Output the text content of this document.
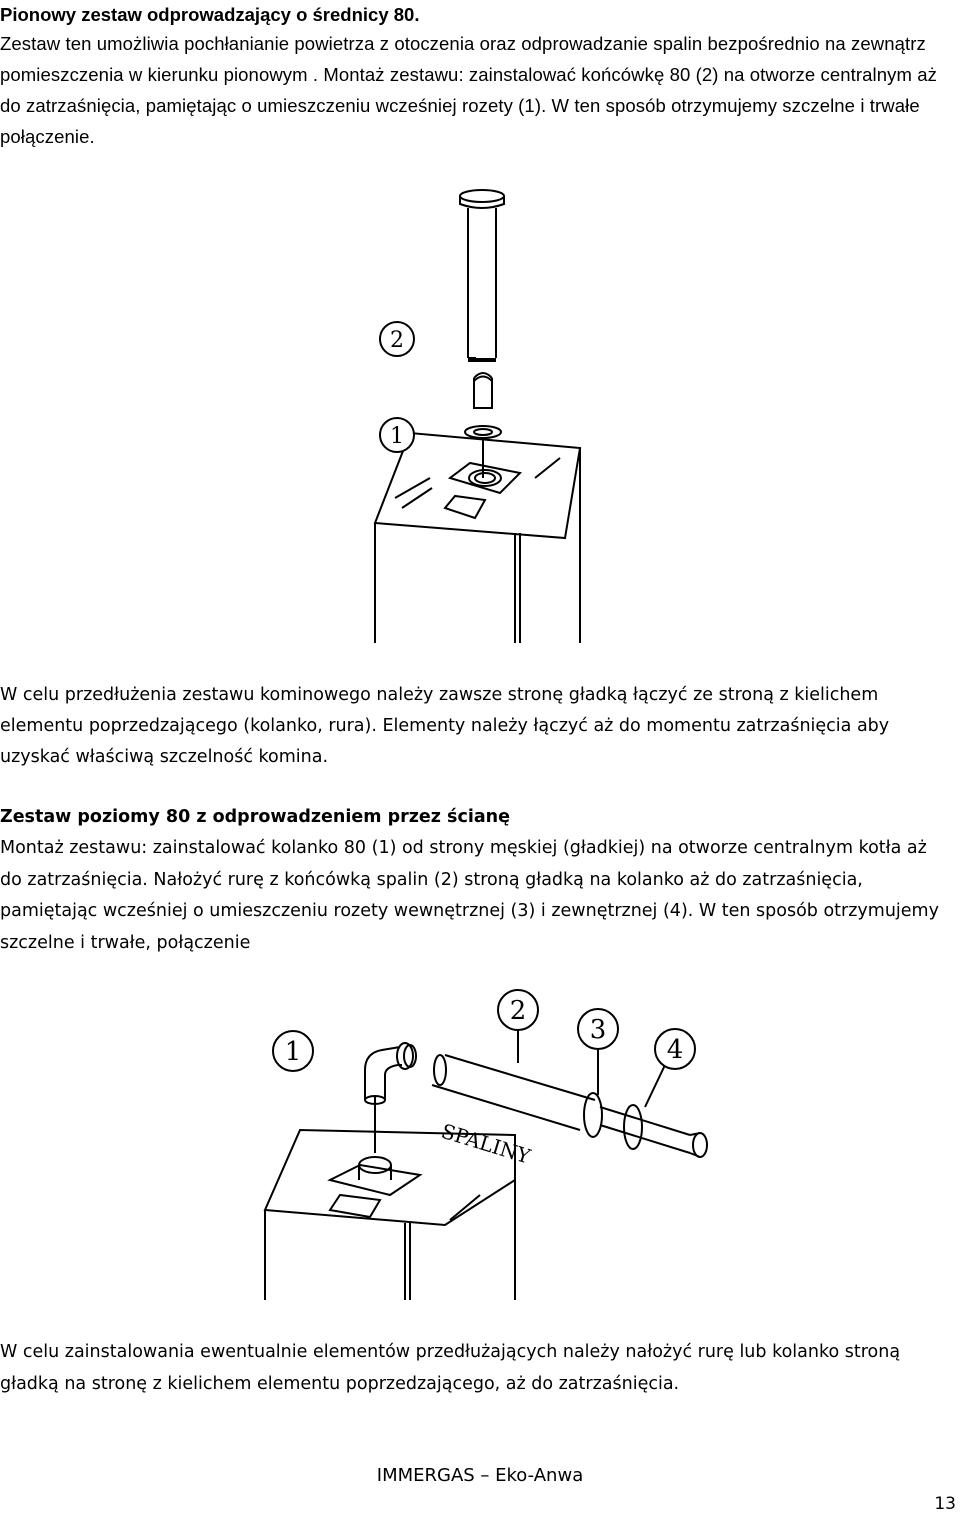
Pionowy zestaw odprowadzający o średnicy 80.
Zestaw ten umożliwia pochłanianie powietrza z otoczenia oraz odprowadzanie spalin bezpośrednio na zewnątrz pomieszczenia w kierunku pionowym . Montaż zestawu: zainstalować końcówkę 80 (2) na otworze centralnym aż do zatrzaśnięcia, pamiętając o umieszczeniu wcześniej rozety (1). W ten sposób otrzymujemy szczelne i trwałe połączenie.
2
1
W celu przedłużenia zestawu kominowego należy zawsze stronę gładką łączyć ze stroną z kielichem elementu poprzedzającego (kolanko, rura). Elementy należy łączyć aż do momentu zatrzaśnięcia aby uzyskać właściwą szczelność komina.
Zestaw poziomy 80 z odprowadzeniem przez ścianę
Montaż zestawu: zainstalować kolanko 80 (1) od strony męskiej (gładkiej) na otworze centralnym kotła aż do zatrzaśnięcia. Nałożyć rurę z końcówką spalin (2) stroną gładką na kolanko aż do zatrzaśnięcia, pamiętając wcześniej o umieszczeniu rozety wewnętrznej (3) i zewnętrznej (4). W ten sposób otrzymujemy szczelne i trwałe, połączenie
SPALINY
1
2
3
4
W celu zainstalowania ewentualnie elementów przedłużających należy nałożyć rurę lub kolanko stroną gładką na stronę z kielichem elementu poprzedzającego, aż do zatrzaśnięcia.
IMMERGAS – Eko-Anwa
13
